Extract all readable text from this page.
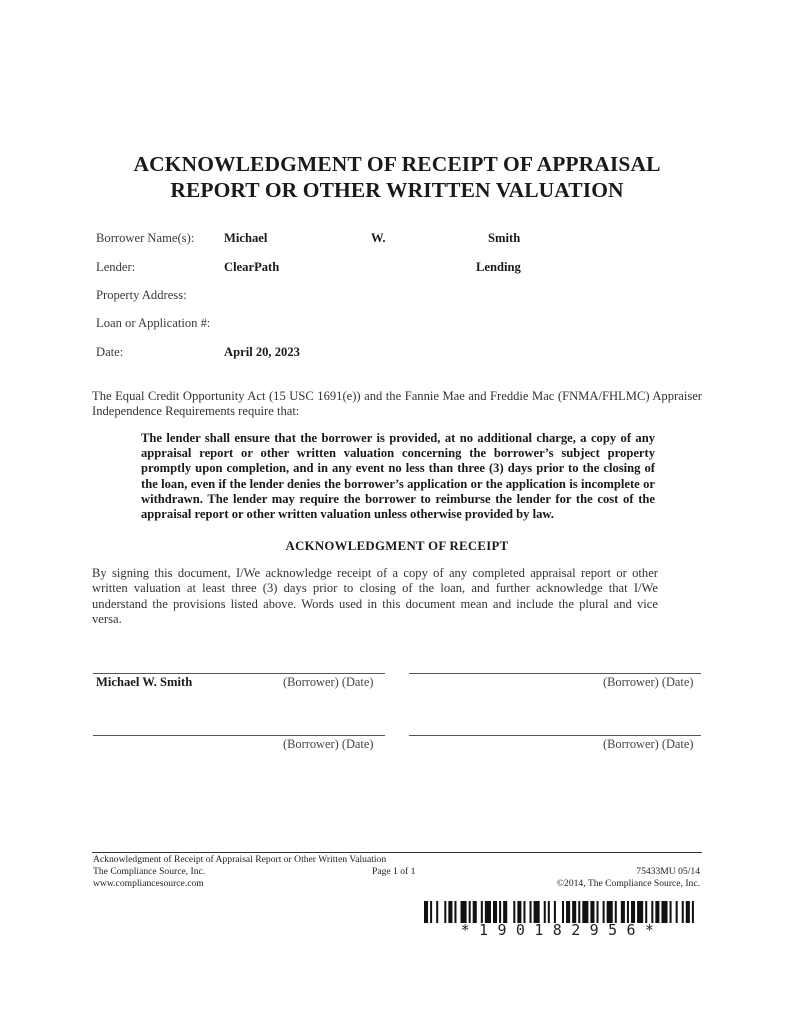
ACKNOWLEDGMENT OF RECEIPT OF APPRAISAL
REPORT OR OTHER WRITTEN VALUATION
Borrower Name(s): Michael	W.	Smith
Lender:	ClearPath	Lending
Property Address:
Loan or Application #:
Date:	April 20, 2023
The Equal Credit Opportunity Act (15 USC 1691(e)) and the Fannie Mae and Freddie Mac (FNMA/FHLMC) Appraiser Independence Requirements require that:
The lender shall ensure that the borrower is provided, at no additional charge, a copy of any appraisal report or other written valuation concerning the borrower’s subject property promptly upon completion, and in any event no less than three (3) days prior to the closing of the loan, even if the lender denies the borrower’s application or the application is incomplete or withdrawn. The lender may require the borrower to reimburse the lender for the cost of the appraisal report or other written valuation unless otherwise provided by law.
ACKNOWLEDGMENT OF RECEIPT
By signing this document, I/We acknowledge receipt of a copy of any completed appraisal report or other written valuation at least three (3) days prior to closing of the loan, and further acknowledge that I/We understand the provisions listed above. Words used in this document mean and include the plural and vice versa.
Michael W. Smith	(Borrower) (Date)	(Borrower) (Date)
(Borrower) (Date)	(Borrower) (Date)
Acknowledgment of Receipt of Appraisal Report or Other Written Valuation
The Compliance Source, Inc.	Page 1 of 1	75433MU 05/14
www.compliancesource.com	©2014, The Compliance Source, Inc.
*19018295​6*
